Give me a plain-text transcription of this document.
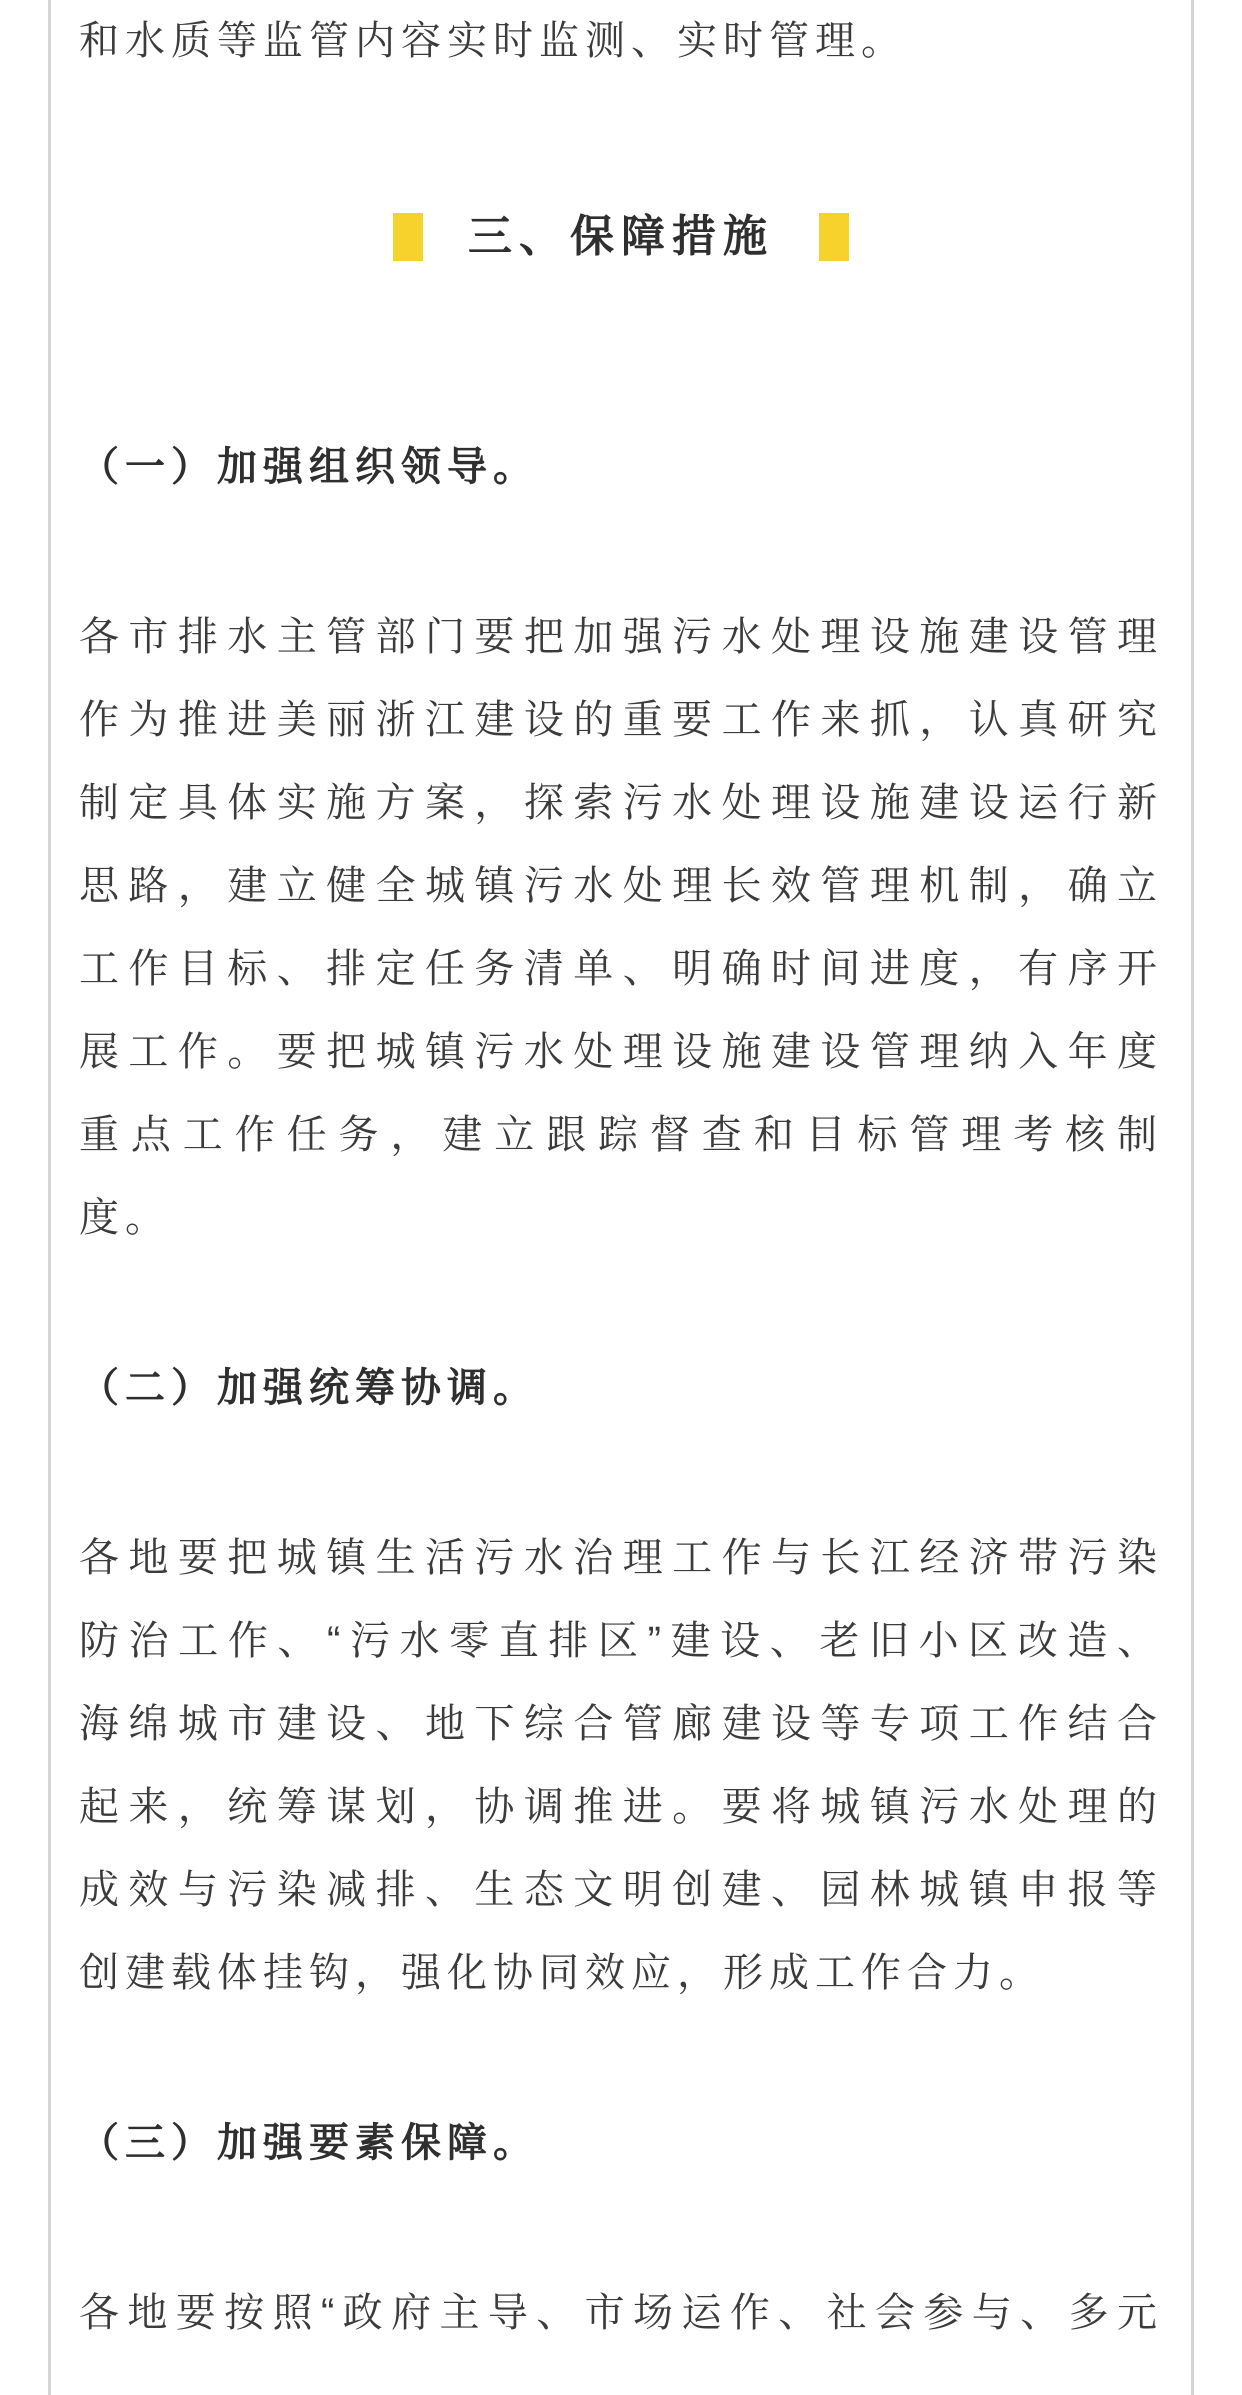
和水质等监管内容实时监测、实时管理。
三、保障措施

（一）加强组织领导。

各市排水主管部门要把加强污水处理设施建设管理
作为推进美丽浙江建设的重要工作来抓，认真研究
制定具体实施方案，探索污水处理设施建设运行新
思路，建立健全城镇污水处理长效管理机制，确立
工作目标、排定任务清单、明确时间进度，有序开
展工作。要把城镇污水处理设施建设管理纳入年度
重点工作任务，建立跟踪督查和目标管理考核制
度。

（二）加强统筹协调。

各地要把城镇生活污水治理工作与长江经济带污染
防治工作、“污水零直排区”建设、老旧小区改造、
海绵城市建设、地下综合管廊建设等专项工作结合
起来，统筹谋划，协调推进。要将城镇污水处理的
成效与污染减排、生态文明创建、园林城镇申报等
创建载体挂钩，强化协同效应，形成工作合力。

（三）加强要素保障。

各地要按照“政府主导、市场运作、社会参与、多元
